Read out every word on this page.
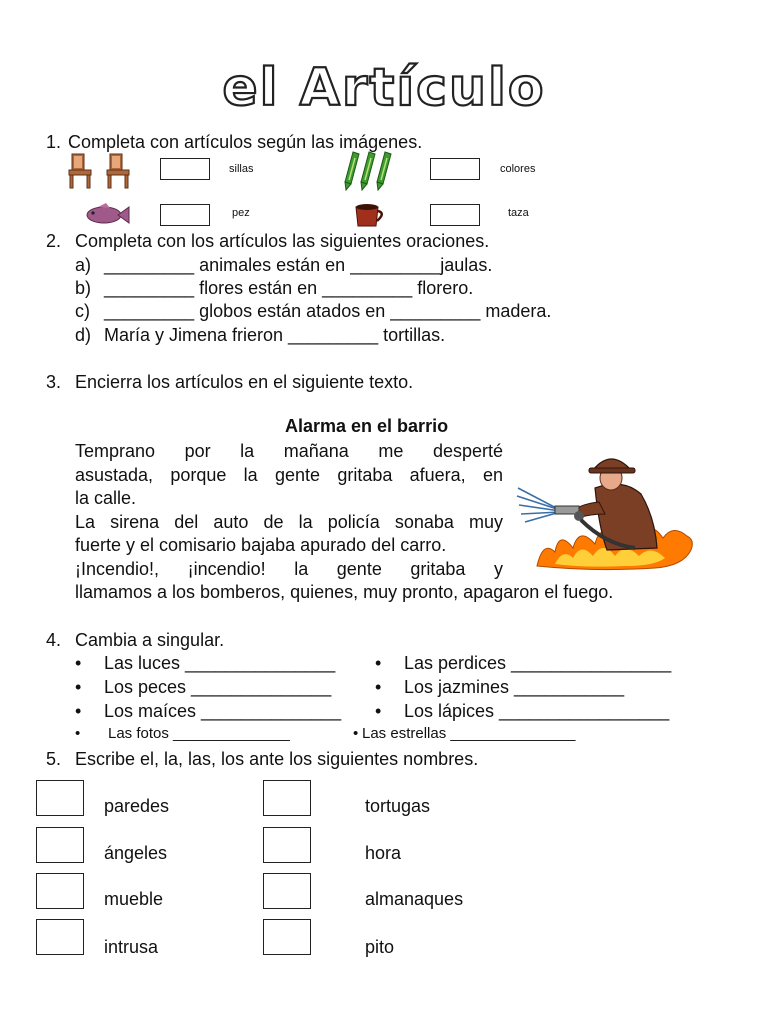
el Artículo
1. Completa con artículos según las imágenes.
sillas	colores
pez	taza
2. Completa con los artículos las siguientes oraciones.
a) _________ animales están en _________jaulas.
b) _________ flores están en _________ florero.
c) _________ globos están atados en _________ madera.
d) María y Jimena frieron _________ tortillas.
3. Encierra los artículos en el siguiente texto.
Alarma en el barrio
Temprano por la mañana me desperté
asustada, porque la gente gritaba afuera, en
la calle.
La sirena del auto de la policía sonaba muy
fuerte y el comisario bajaba apurado del carro.
¡Incendio!, ¡incendio! la gente gritaba y
llamamos a los bomberos, quienes, muy pronto, apagaron el fuego.
4. Cambia a singular.
• Las luces _______________ • Las perdices ________________
• Los peces ______________ • Los jazmines ___________
• Los maíces ______________ • Los lápices _________________
• Las fotos ______________	• Las estrellas _______________
5. Escribe el, la, las, los ante los siguientes nombres.
paredes	tortugas
ángeles	hora
mueble	almanaques
intrusa	pito
